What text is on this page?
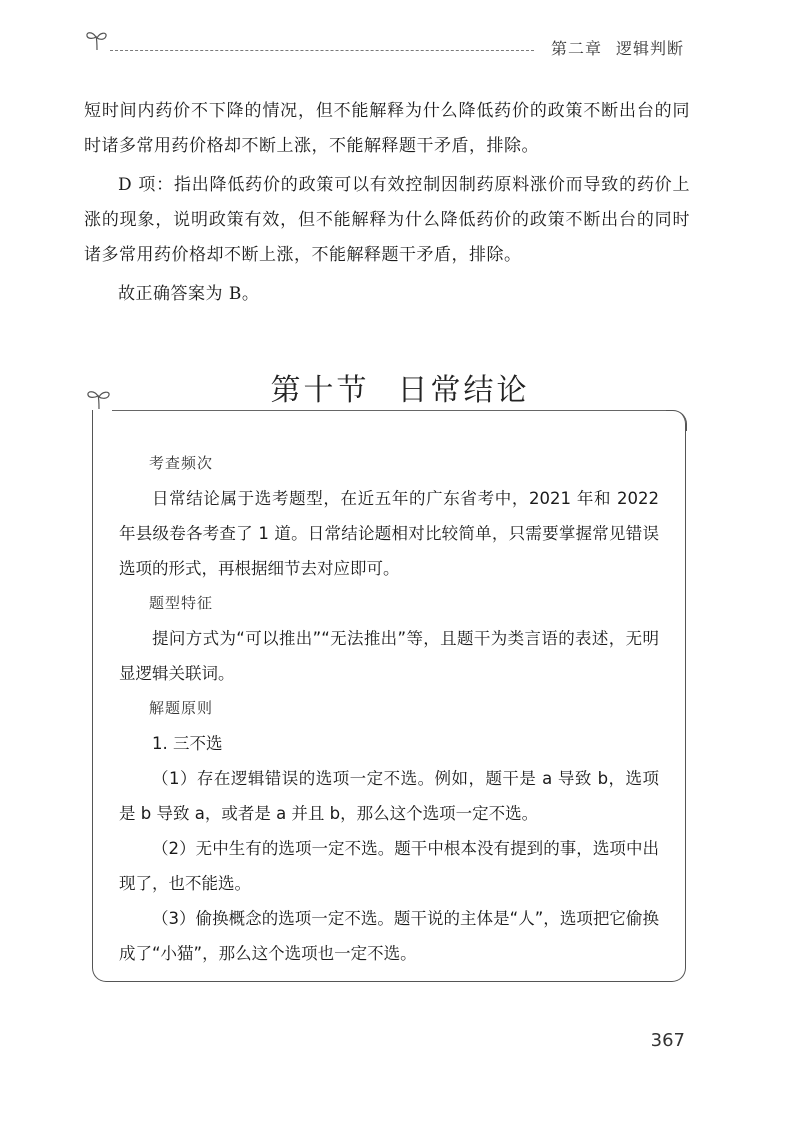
第二章 逻辑判断

短时间内药价不下降的情况，但不能解释为什么降低药价的政策不断出台的同时诸多常用药价格却不断上涨，不能解释题干矛盾，排除。

D 项：指出降低药价的政策可以有效控制因制药原料涨价而导致的药价上涨的现象，说明政策有效，但不能解释为什么降低药价的政策不断出台的同时诸多常用药价格却不断上涨，不能解释题干矛盾，排除。

故正确答案为 B。

第十节 日常结论

考查频次

日常结论属于选考题型，在近五年的广东省考中，2021 年和 2022 年县级卷各考查了 1 道。日常结论题相对比较简单，只需要掌握常见错误选项的形式，再根据细节去对应即可。

题型特征

提问方式为“可以推出”“无法推出”等，且题干为类言语的表述，无明显逻辑关联词。

解题原则

1. 三不选

（1）存在逻辑错误的选项一定不选。例如，题干是 a 导致 b，选项是 b 导致 a，或者是 a 并且 b，那么这个选项一定不选。

（2）无中生有的选项一定不选。题干中根本没有提到的事，选项中出现了，也不能选。

（3）偷换概念的选项一定不选。题干说的主体是“人”，选项把它偷换成了“小猫”，那么这个选项也一定不选。

367
